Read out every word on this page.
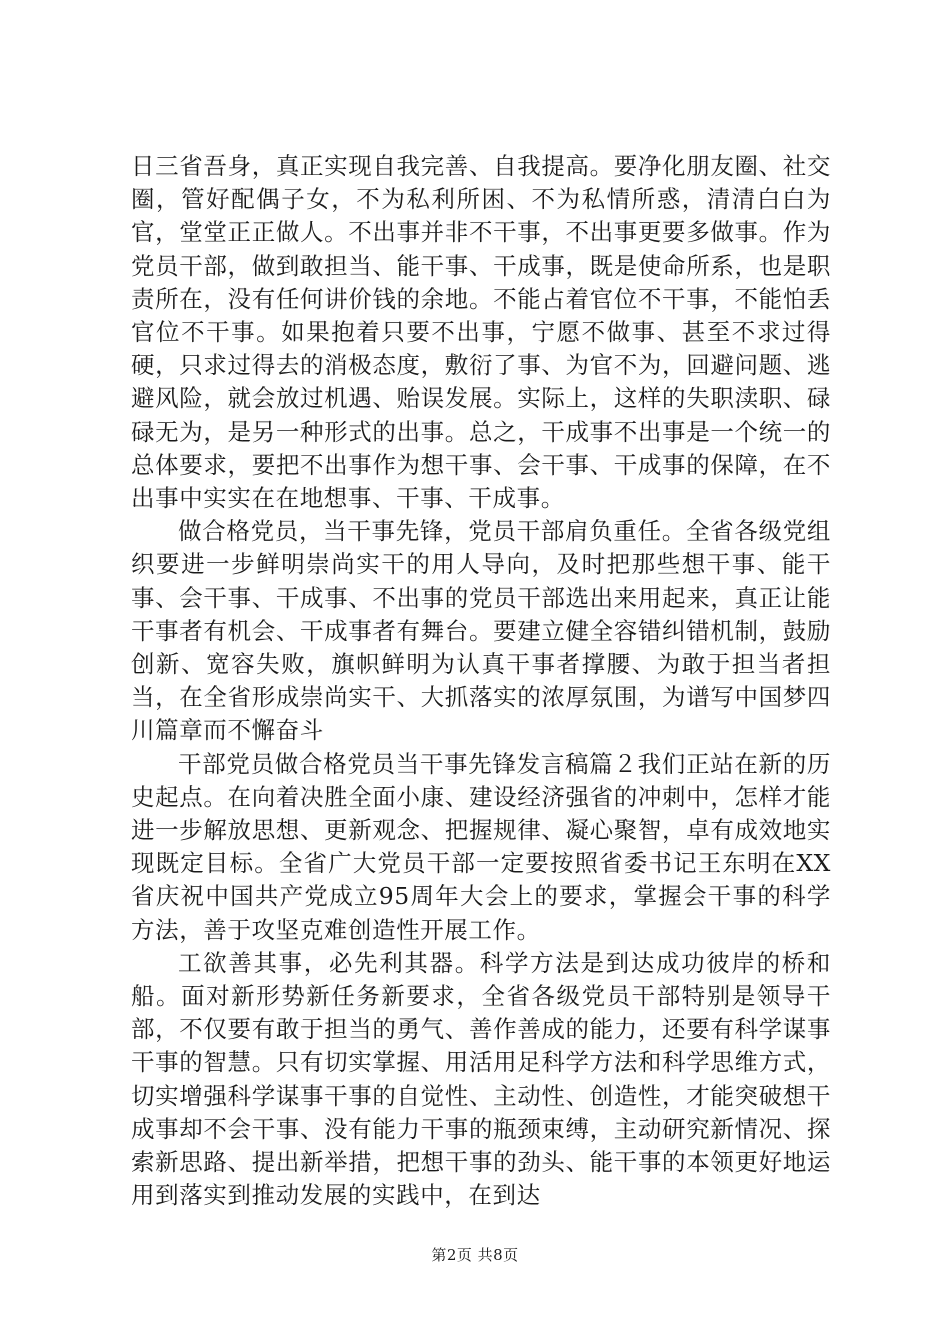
日三省吾身，真正实现自我完善、自我提高。要净化朋友圈、社交圈，管好配偶子女，不为私利所困、不为私情所惑，清清白白为官，堂堂正正做人。不出事并非不干事，不出事更要多做事。作为党员干部，做到敢担当、能干事、干成事，既是使命所系，也是职责所在，没有任何讲价钱的余地。不能占着官位不干事，不能怕丢官位不干事。如果抱着只要不出事，宁愿不做事、甚至不求过得硬，只求过得去的消极态度，敷衍了事、为官不为，回避问题、逃避风险，就会放过机遇、贻误发展。实际上，这样的失职渎职、碌碌无为，是另一种形式的出事。总之，干成事不出事是一个统一的总体要求，要把不出事作为想干事、会干事、干成事的保障，在不出事中实实在在地想事、干事、干成事。

做合格党员，当干事先锋，党员干部肩负重任。全省各级党组织要进一步鲜明崇尚实干的用人导向，及时把那些想干事、能干事、会干事、干成事、不出事的党员干部选出来用起来，真正让能干事者有机会、干成事者有舞台。要建立健全容错纠错机制，鼓励创新、宽容失败，旗帜鲜明为认真干事者撑腰、为敢于担当者担当，在全省形成崇尚实干、大抓落实的浓厚氛围，为谱写中国梦四川篇章而不懈奋斗

干部党员做合格党员当干事先锋发言稿篇２我们正站在新的历史起点。在向着决胜全面小康、建设经济强省的冲刺中，怎样才能进一步解放思想、更新观念、把握规律、凝心聚智，卓有成效地实现既定目标。全省广大党员干部一定要按照省委书记王东明在XX省庆祝中国共产党成立95周年大会上的要求，掌握会干事的科学方法，善于攻坚克难创造性开展工作。

工欲善其事，必先利其器。科学方法是到达成功彼岸的桥和船。面对新形势新任务新要求，全省各级党员干部特别是领导干部，不仅要有敢于担当的勇气、善作善成的能力，还要有科学谋事干事的智慧。只有切实掌握、用活用足科学方法和科学思维方式，切实增强科学谋事干事的自觉性、主动性、创造性，才能突破想干成事却不会干事、没有能力干事的瓶颈束缚，主动研究新情况、探索新思路、提出新举措，把想干事的劲头、能干事的本领更好地运用到落实到推动发展的实践中，在到达

第2页 共8页
